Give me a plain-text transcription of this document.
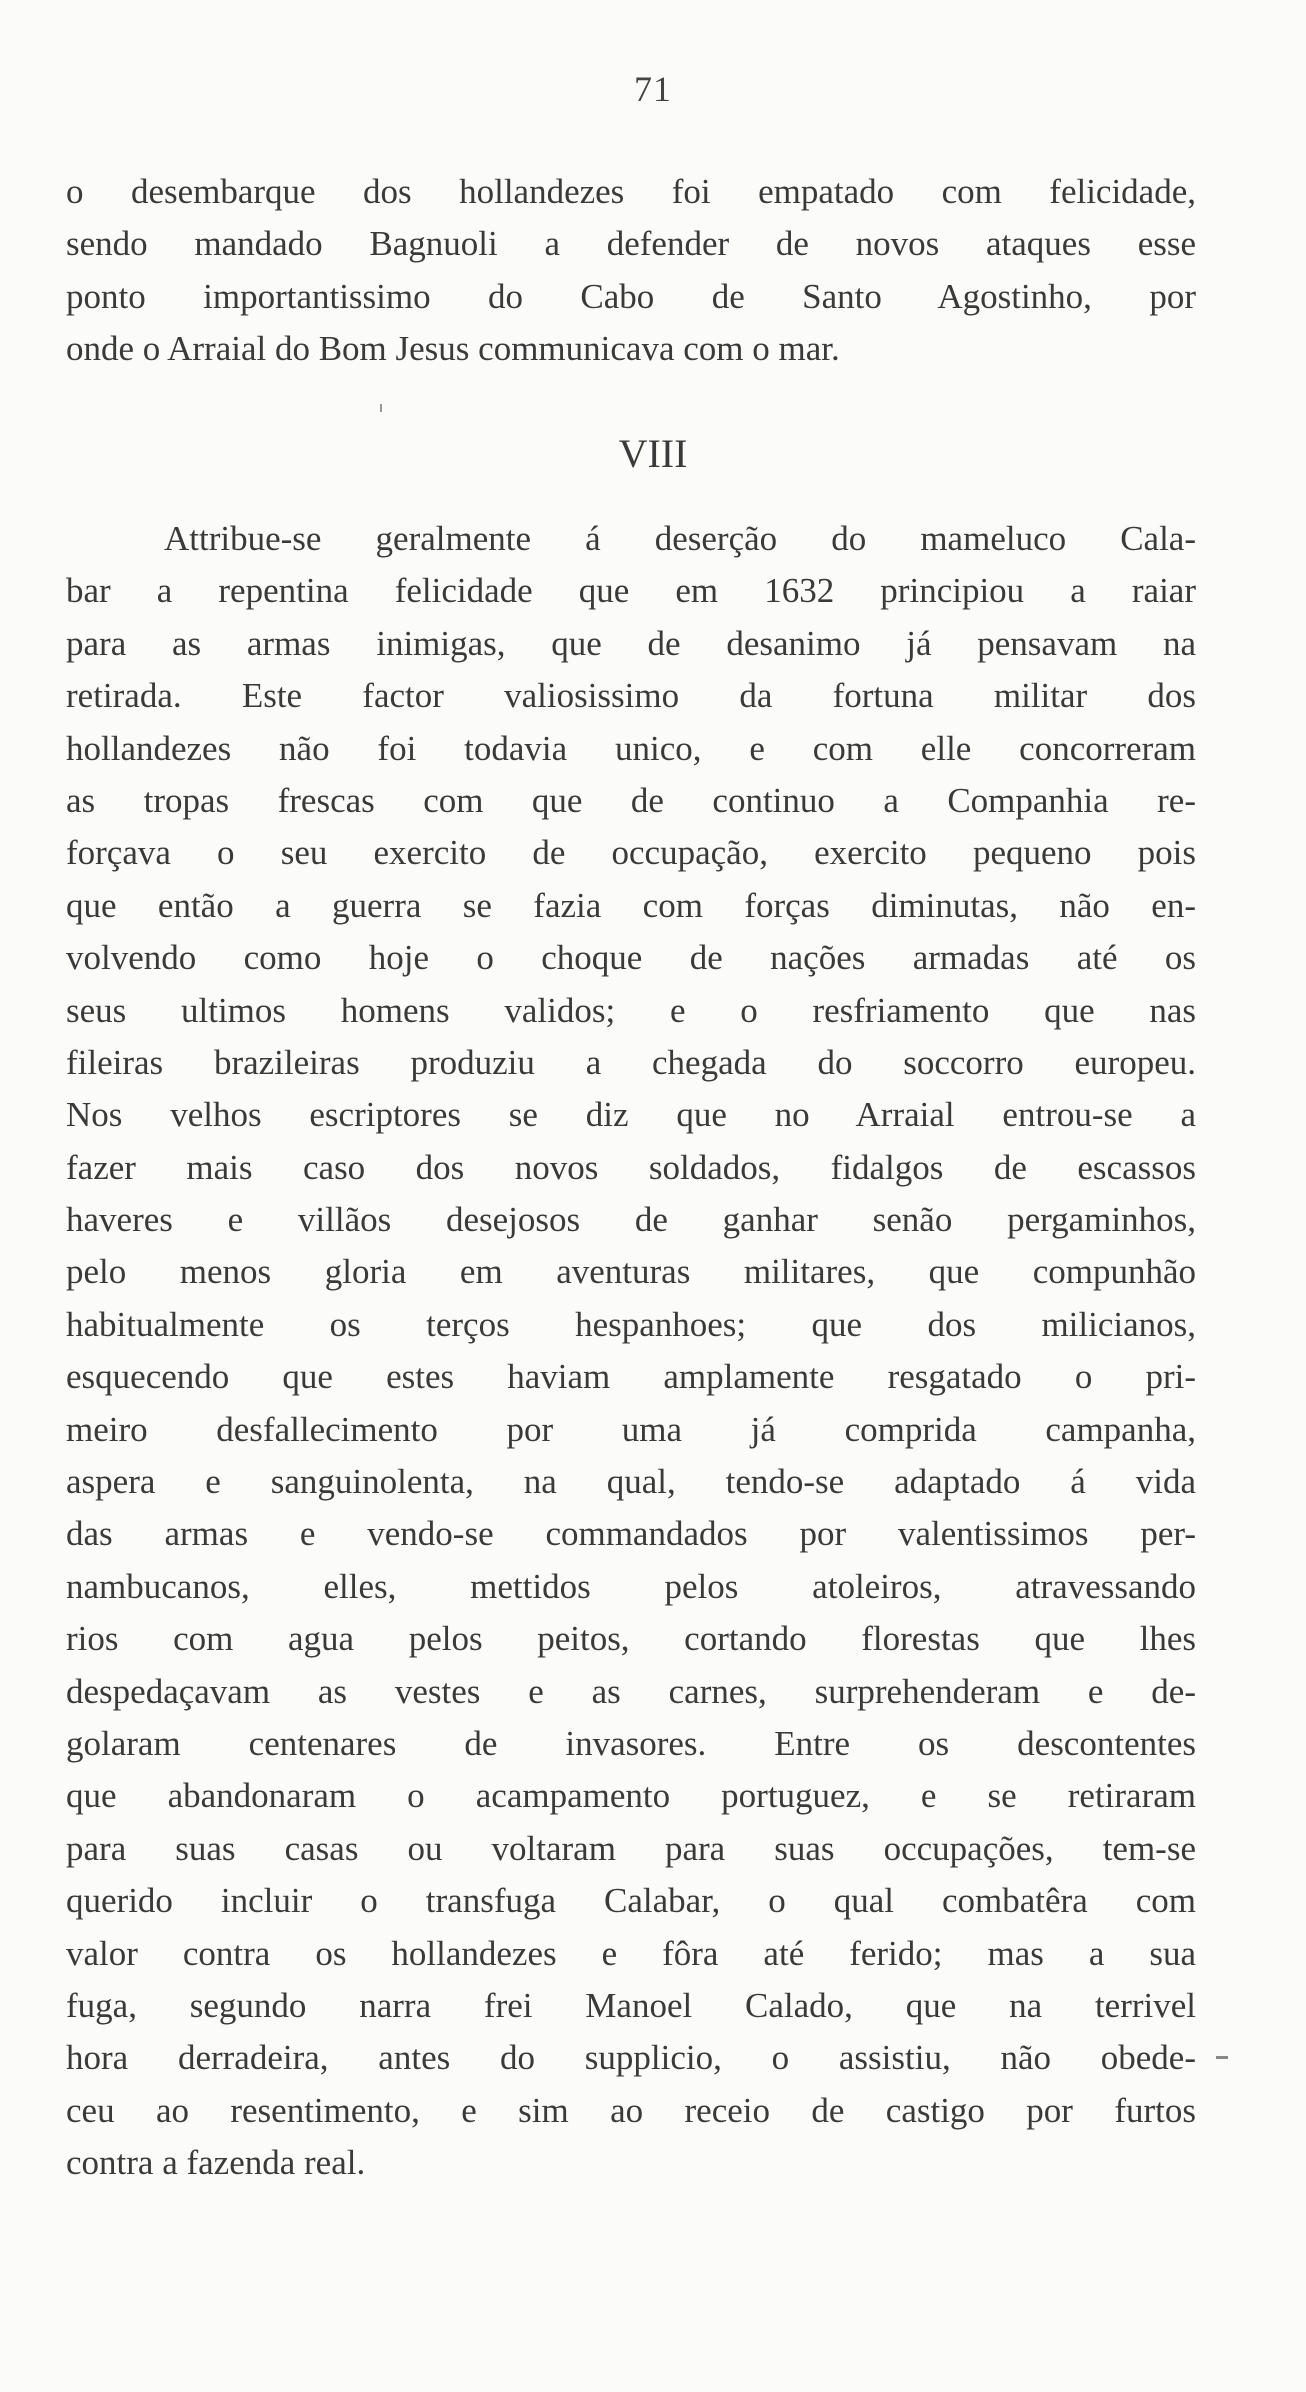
71
o desembarque dos hollandezes foi empatado com felicidade,
sendo mandado Bagnuoli a defender de novos ataques esse
ponto importantissimo do Cabo de Santo Agostinho, por
onde o Arraial do Bom Jesus communicava com o mar.
VIII
Attribue-se geralmente á deserção do mameluco Cala-
bar a repentina felicidade que em 1632 principiou a raiar
para as armas inimigas, que de desanimo já pensavam na
retirada. Este factor valiosissimo da fortuna militar dos
hollandezes não foi todavia unico, e com elle concorreram
as tropas frescas com que de continuo a Companhia re-
forçava o seu exercito de occupação, exercito pequeno pois
que então a guerra se fazia com forças diminutas, não en-
volvendo como hoje o choque de nações armadas até os
seus ultimos homens validos; e o resfriamento que nas
fileiras brazileiras produziu a chegada do soccorro europeu.
Nos velhos escriptores se diz que no Arraial entrou-se a
fazer mais caso dos novos soldados, fidalgos de escassos
haveres e villãos desejosos de ganhar senão pergaminhos,
pelo menos gloria em aventuras militares, que compunhão
habitualmente os terços hespanhoes; que dos milicianos,
esquecendo que estes haviam amplamente resgatado o pri-
meiro desfallecimento por uma já comprida campanha,
aspera e sanguinolenta, na qual, tendo-se adaptado á vida
das armas e vendo-se commandados por valentissimos per-
nambucanos, elles, mettidos pelos atoleiros, atravessando
rios com agua pelos peitos, cortando florestas que lhes
despedaçavam as vestes e as carnes, surprehenderam e de-
golaram centenares de invasores. Entre os descontentes
que abandonaram o acampamento portuguez, e se retiraram
para suas casas ou voltaram para suas occupações, tem-se
querido incluir o transfuga Calabar, o qual combatêra com
valor contra os hollandezes e fôra até ferido; mas a sua
fuga, segundo narra frei Manoel Calado, que na terrivel
hora derradeira, antes do supplicio, o assistiu, não obede-
ceu ao resentimento, e sim ao receio de castigo por furtos
contra a fazenda real.
